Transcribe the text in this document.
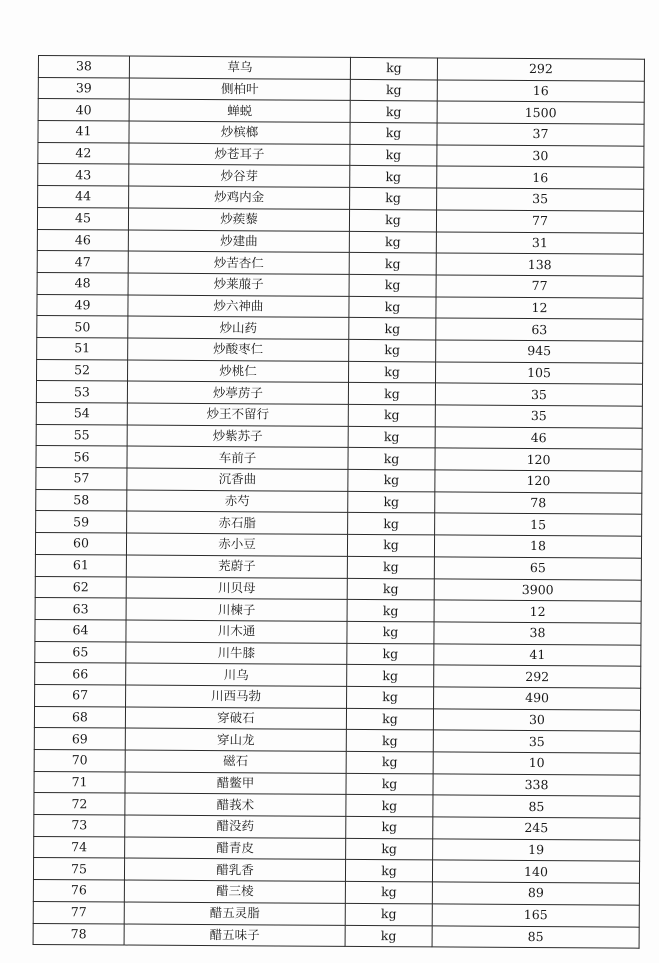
38	草乌	kg	292
39	侧柏叶	kg	16
40	蝉蜕	kg	1500
41	炒槟榔	kg	37
42	炒苍耳子	kg	30
43	炒谷芽	kg	16
44	炒鸡内金	kg	35
45	炒蒺藜	kg	77
46	炒建曲	kg	31
47	炒苦杏仁	kg	138
48	炒莱菔子	kg	77
49	炒六神曲	kg	12
50	炒山药	kg	63
51	炒酸枣仁	kg	945
52	炒桃仁	kg	105
53	炒葶苈子	kg	35
54	炒王不留行	kg	35
55	炒紫苏子	kg	46
56	车前子	kg	120
57	沉香曲	kg	120
58	赤芍	kg	78
59	赤石脂	kg	15
60	赤小豆	kg	18
61	茺蔚子	kg	65
62	川贝母	kg	3900
63	川楝子	kg	12
64	川木通	kg	38
65	川牛膝	kg	41
66	川乌	kg	292
67	川西马勃	kg	490
68	穿破石	kg	30
69	穿山龙	kg	35
70	磁石	kg	10
71	醋鳖甲	kg	338
72	醋莪术	kg	85
73	醋没药	kg	245
74	醋青皮	kg	19
75	醋乳香	kg	140
76	醋三棱	kg	89
77	醋五灵脂	kg	165
78	醋五味子	kg	85
